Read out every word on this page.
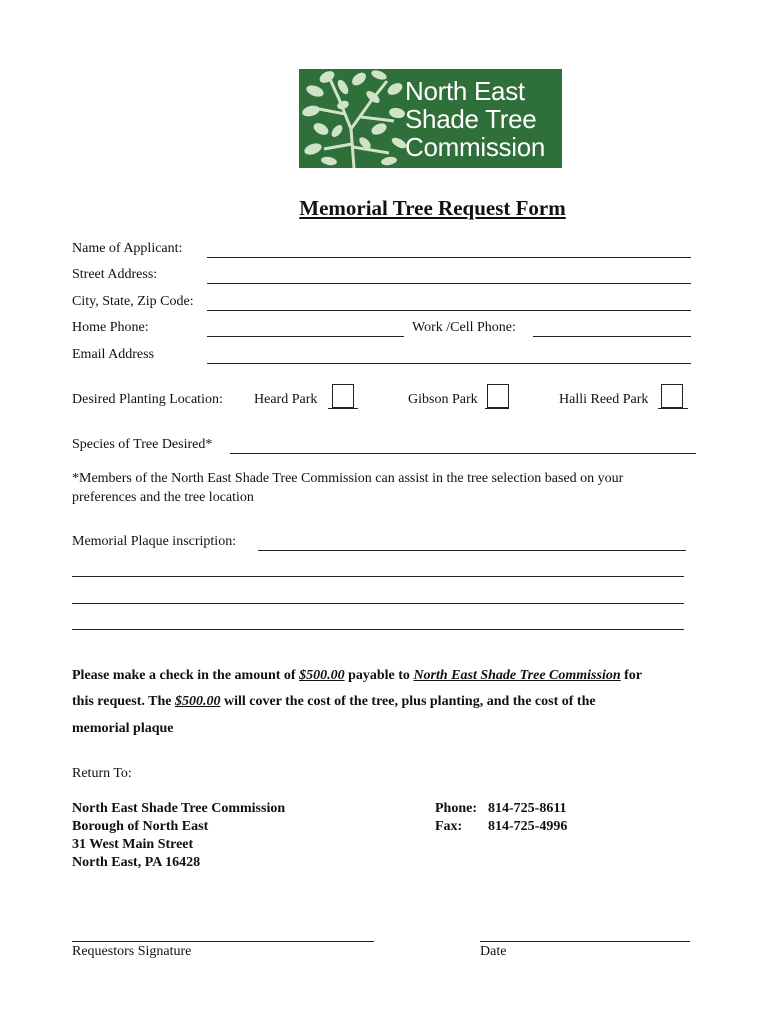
North East
Shade Tree
Commission
Memorial Tree Request Form
Name of Applicant:
Street Address:
City, State, Zip Code:
Home Phone:	Work /Cell Phone:
Email Address
Desired Planting Location: Heard Park	Gibson Park	Halli Reed Park
Species of Tree Desired*
*Members of the North East Shade Tree Commission can assist in the tree selection based on your
preferences and the tree location
Memorial Plaque inscription:
Please make a check in the amount of $500.00 payable to North East Shade Tree Commission for
this request. The $500.00 will cover the cost of the tree, plus planting, and the cost of the
memorial plaque
Return To:
North East Shade Tree Commission
Borough of North East
31 West Main Street
North East, PA 16428
Phone: 814-725-8611
Fax: 814-725-4996
Requestors Signature	Date
